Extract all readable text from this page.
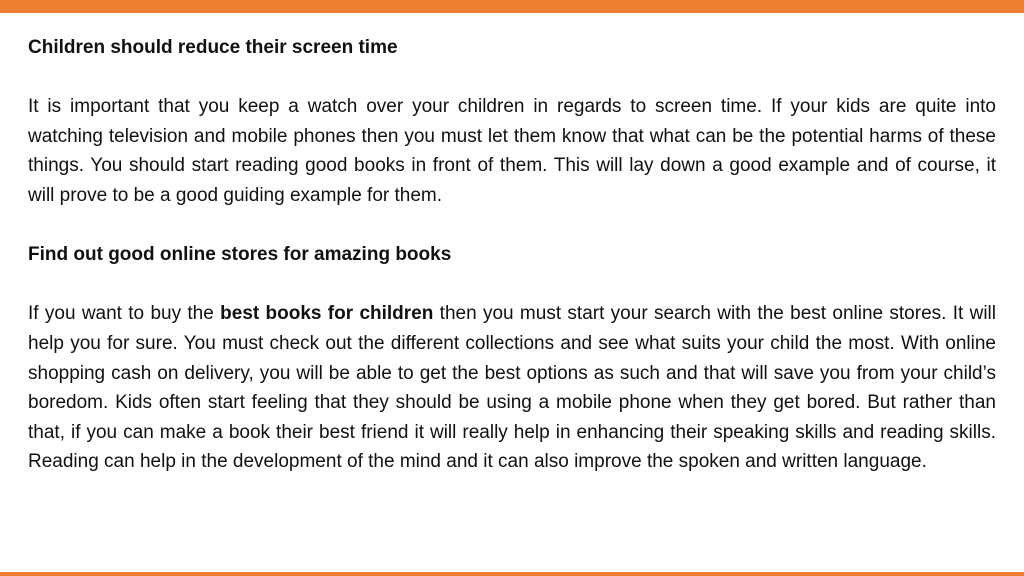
Children should reduce their screen time

It is important that you keep a watch over your children in regards to screen time. If your kids are quite into watching television and mobile phones then you must let them know that what can be the potential harms of these things. You should start reading good books in front of them. This will lay down a good example and of course, it will prove to be a good guiding example for them.

Find out good online stores for amazing books

If you want to buy the best books for children then you must start your search with the best online stores. It will help you for sure. You must check out the different collections and see what suits your child the most. With online shopping cash on delivery, you will be able to get the best options as such and that will save you from your child’s boredom. Kids often start feeling that they should be using a mobile phone when they get bored. But rather than that, if you can make a book their best friend it will really help in enhancing their speaking skills and reading skills. Reading can help in the development of the mind and it can also improve the spoken and written language.
